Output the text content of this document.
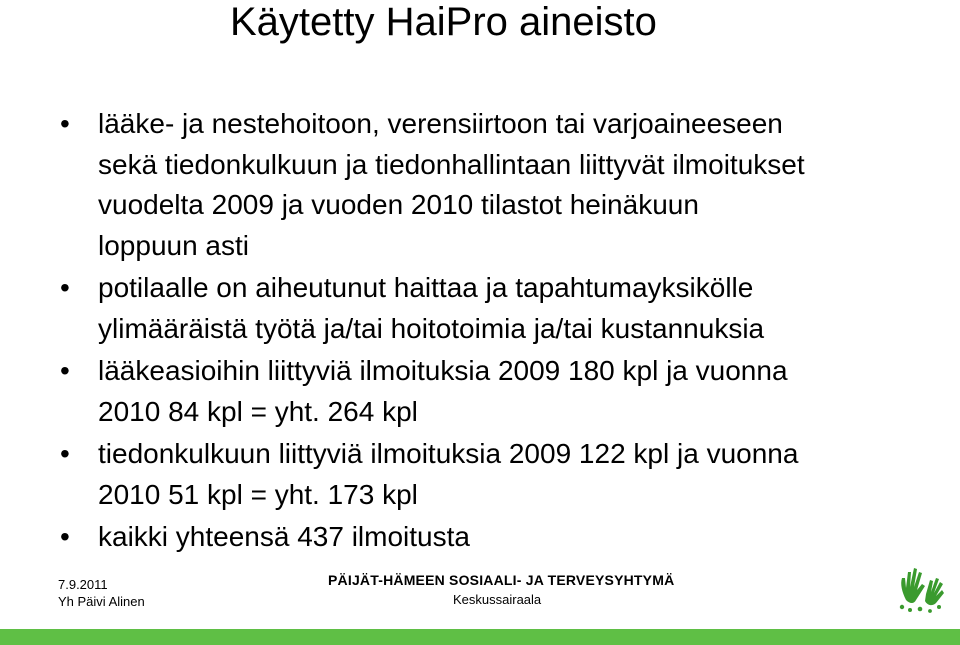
Käytetty HaiPro aineisto
• lääke- ja nestehoitoon, verensiirtoon tai varjoaineeseen
sekä tiedonkulkuun ja tiedonhallintaan liittyvät ilmoitukset
vuodelta 2009 ja vuoden 2010 tilastot heinäkuun
loppuun asti
• potilaalle on aiheutunut haittaa ja tapahtumayksikölle
ylimääräistä työtä ja/tai hoitotoimia ja/tai kustannuksia
• lääkeasioihin liittyviä ilmoituksia 2009 180 kpl ja vuonna
2010 84 kpl = yht. 264 kpl
• tiedonkulkuun liittyviä ilmoituksia 2009 122 kpl ja vuonna
2010 51 kpl = yht. 173 kpl
• kaikki yhteensä 437 ilmoitusta
7.9.2011
Yh Päivi Alinen
PÄIJÄT-HÄMEEN SOSIAALI- JA TERVEYSYHTYMÄ
Keskussairaala
